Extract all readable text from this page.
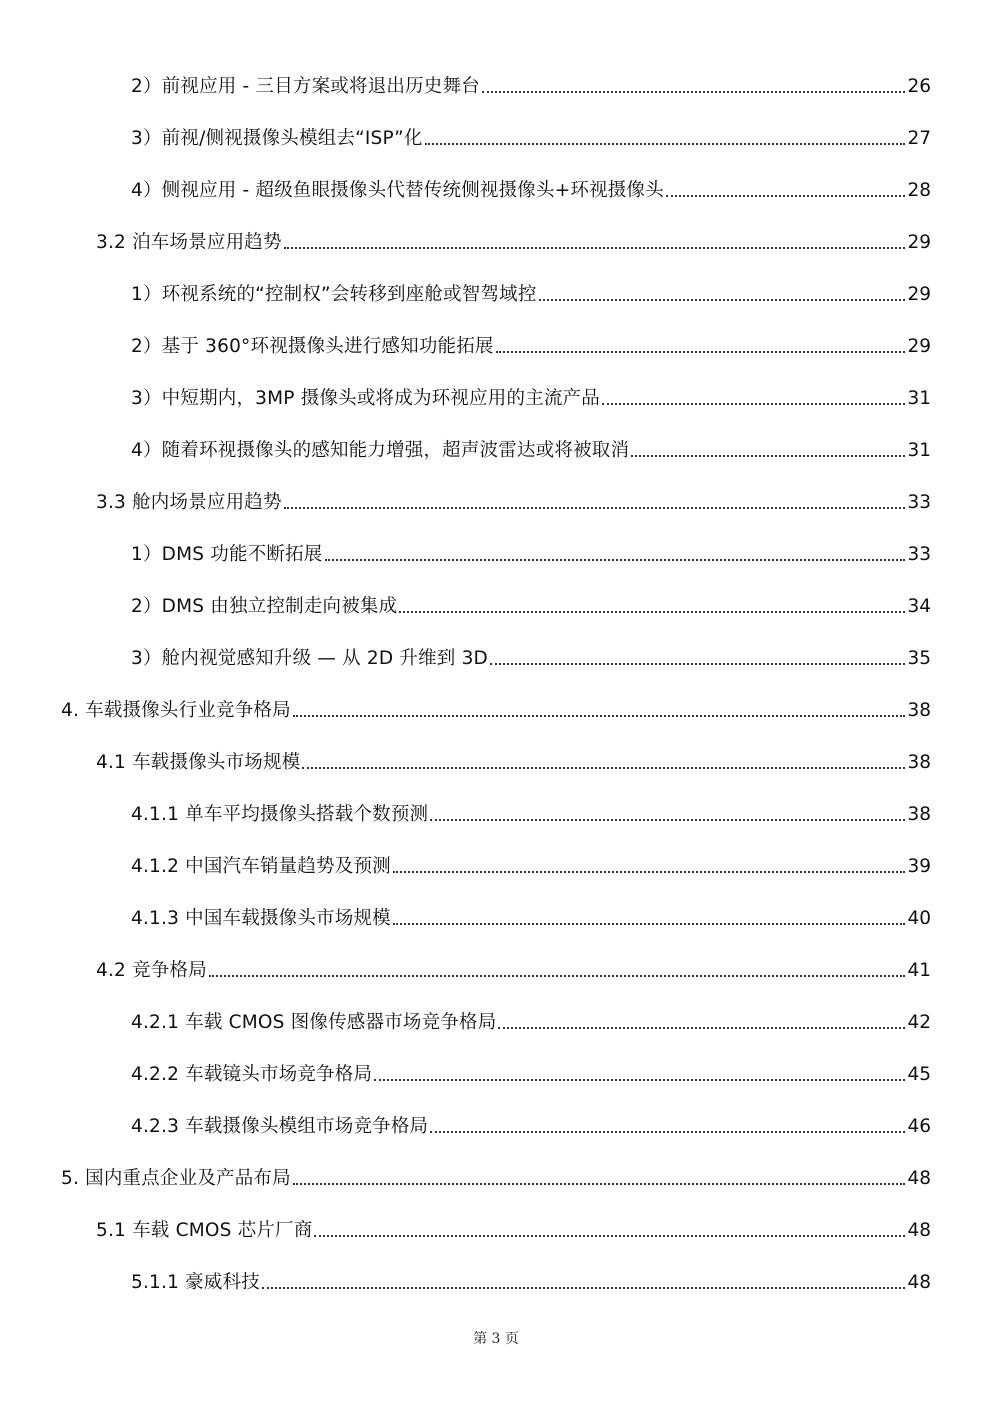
2）前视应用 - 三目方案或将退出历史舞台	26
3）前视/侧视摄像头模组去“ISP”化	27
4）侧视应用 - 超级鱼眼摄像头代替传统侧视摄像头+环视摄像头	28
3.2 泊车场景应用趋势	29
1）环视系统的“控制权”会转移到座舱或智驾域控	29
2）基于 360°环视摄像头进行感知功能拓展	29
3）中短期内，3MP 摄像头或将成为环视应用的主流产品	31
4）随着环视摄像头的感知能力增强，超声波雷达或将被取消	31
3.3 舱内场景应用趋势	33
1）DMS 功能不断拓展	33
2）DMS 由独立控制走向被集成	34
3）舱内视觉感知升级 — 从 2D 升维到 3D	35
4. 车载摄像头行业竞争格局	38
4.1 车载摄像头市场规模	38
4.1.1 单车平均摄像头搭载个数预测	38
4.1.2 中国汽车销量趋势及预测	39
4.1.3 中国车载摄像头市场规模	40
4.2 竞争格局	41
4.2.1 车载 CMOS 图像传感器市场竞争格局	42
4.2.2 车载镜头市场竞争格局	45
4.2.3 车载摄像头模组市场竞争格局	46
5. 国内重点企业及产品布局	48
5.1 车载 CMOS 芯片厂商	48
5.1.1 豪威科技	48
第 3 页
